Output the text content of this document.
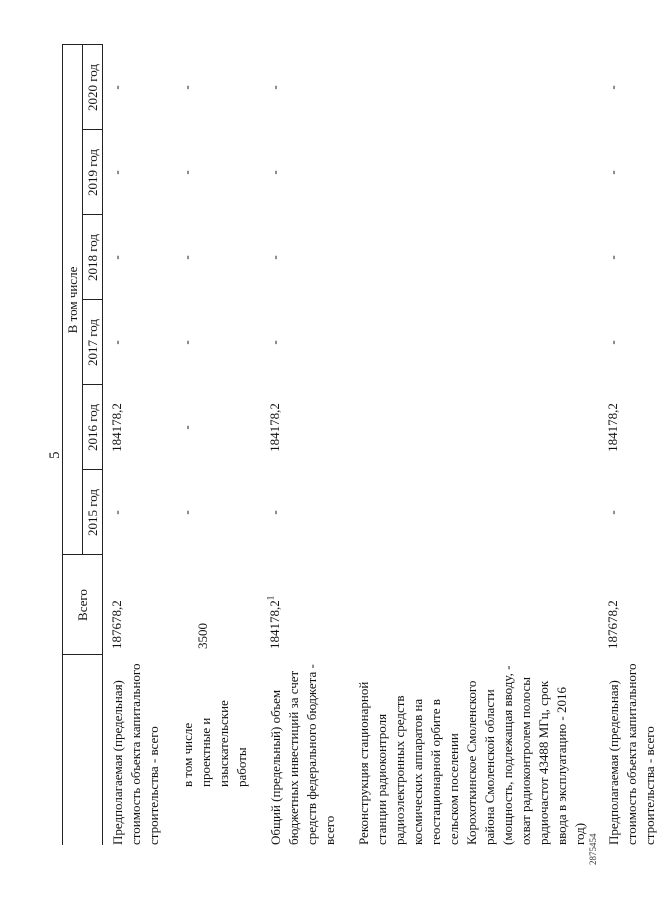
5
2875454
	Всего	В том числе					
		2015 год	2016 год	2017 год	2018 год	2019 год	2020 год
Предполагаемая (предельная) стоимость объекта капитального строительства - всего	187678,2	-	184178,2	-	-	-	-
в том числе проектные и изыскательские работы	3500	-	-	-	-	-	-
Общий (предельный) объем бюджетных инвестиций за счет средств федерального бюджета - всего	184178,2$^1$	-	184178,2	-	-	-	-
Реконструкция стационарной станции радиоконтроля радиоэлектронных средств космических аппаратов на геостационарной орбите в сельском поселении Корохоткинское Смоленского района Смоленской области (мощность, подлежащая вводу, - охват радиоконтролем полосы радиочастот 43488 МГц, срок ввода в эксплуатацию - 2016 год)							
Предполагаемая (предельная) стоимость объекта капитального строительства - всего	187678,2	-	184178,2	-	-	-	-
